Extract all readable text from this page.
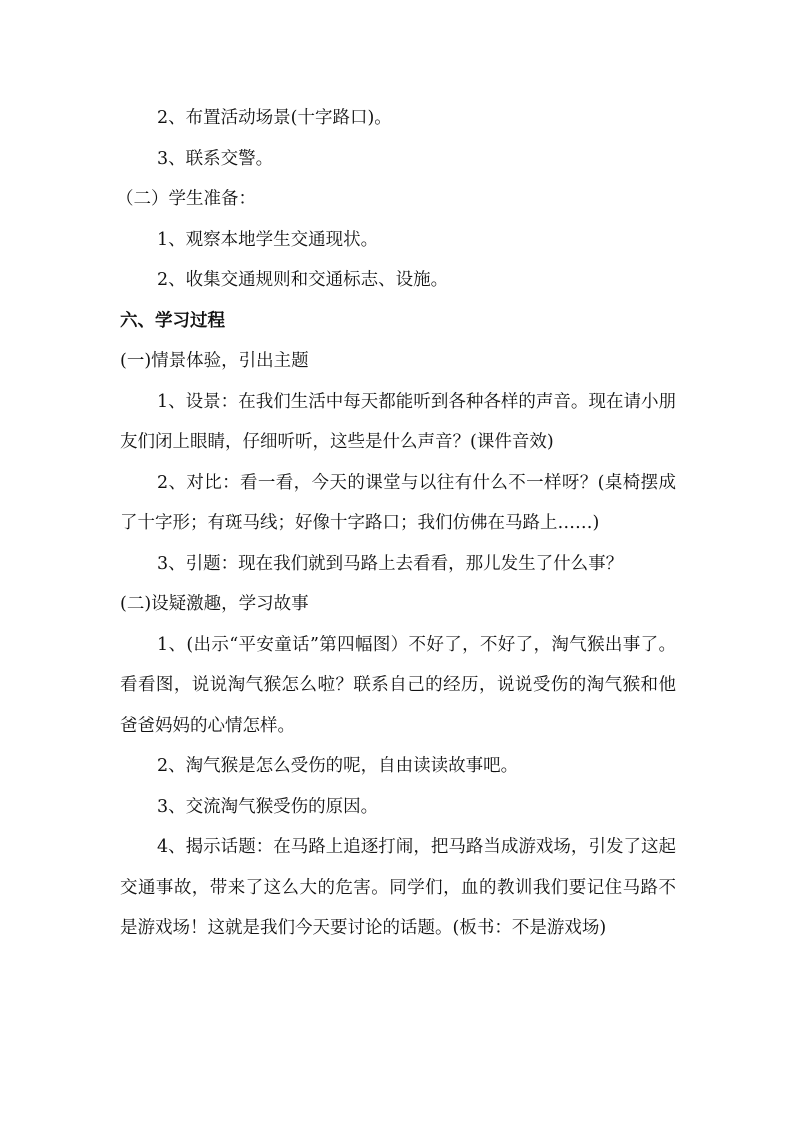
2、布置活动场景(十字路口)。

3、联系交警。

（二）学生准备：

1、观察本地学生交通现状。

2、收集交通规则和交通标志、设施。

六、学习过程

(一)情景体验，引出主题

1、设景：在我们生活中每天都能听到各种各样的声音。现在请小朋友们闭上眼睛，仔细听听，这些是什么声音？(课件音效)

2、对比：看一看，今天的课堂与以往有什么不一样呀？(桌椅摆成了十字形；有斑马线；好像十字路口；我们仿佛在马路上……)

3、引题：现在我们就到马路上去看看，那儿发生了什么事？

(二)设疑激趣，学习故事

1、(出示“平安童话”第四幅图）不好了，不好了，淘气猴出事了。看看图，说说淘气猴怎么啦？联系自己的经历，说说受伤的淘气猴和他爸爸妈妈的心情怎样。

2、淘气猴是怎么受伤的呢，自由读读故事吧。

3、交流淘气猴受伤的原因。

4、揭示话题：在马路上追逐打闹，把马路当成游戏场，引发了这起交通事故，带来了这么大的危害。同学们，血的教训我们要记住马路不是游戏场！这就是我们今天要讨论的话题。(板书：不是游戏场)
